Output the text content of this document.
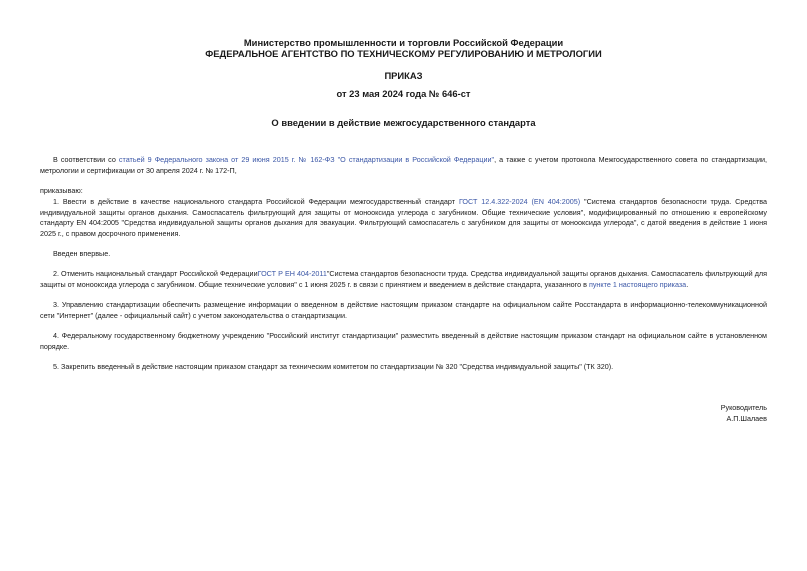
Министерство промышленности и торговли Российской Федерации
ФЕДЕРАЛЬНОЕ АГЕНТСТВО ПО ТЕХНИЧЕСКОМУ РЕГУЛИРОВАНИЮ И МЕТРОЛОГИИ
ПРИКАЗ
от 23 мая 2024 года № 646-ст
О введении в действие межгосударственного стандарта
В соответствии со статьей 9 Федерального закона от 29 июня 2015 г. № 162-ФЗ "О стандартизации в Российской Федерации", а также с учетом протокола Межгосударственного совета по стандартизации, метрологии и сертификации от 30 апреля 2024 г. № 172-П,
приказываю:
1. Ввести в действие в качестве национального стандарта Российской Федерации межгосударственный стандарт ГОСТ 12.4.322-2024 (EN 404:2005) "Система стандартов безопасности труда. Средства индивидуальной защиты органов дыхания. Самоспасатель фильтрующий для защиты от монооксида углерода с загубником. Общие технические условия", модифицированный по отношению к европейскому стандарту EN 404:2005 "Средства индивидуальной защиты органов дыхания для эвакуации. Фильтрующий самоспасатель с загубником для защиты от монооксида углерода", с датой введения в действие 1 июня 2025 г., с правом досрочного применения.
Введен впервые.
2. Отменить национальный стандарт Российской ФедерацииГОСТ Р ЕН 404-2011"Система стандартов безопасности труда. Средства индивидуальной защиты органов дыхания. Самоспасатель фильтрующий для защиты от монооксида углерода с загубником. Общие технические условия" с 1 июня 2025 г. в связи с принятием и введением в действие стандарта, указанного в пункте 1 настоящего приказа.
3. Управлению стандартизации обеспечить размещение информации о введенном в действие настоящим приказом стандарте на официальном сайте Росстандарта в информационно-телекоммуникационной сети "Интернет" (далее - официальный сайт) с учетом законодательства о стандартизации.
4. Федеральному государственному бюджетному учреждению "Российский институт стандартизации" разместить введенный в действие настоящим приказом стандарт на официальном сайте в установленном порядке.
5. Закрепить введенный в действие настоящим приказом стандарт за техническим комитетом по стандартизации № 320 "Средства индивидуальной защиты" (ТК 320).
Руководитель
А.П.Шалаев
